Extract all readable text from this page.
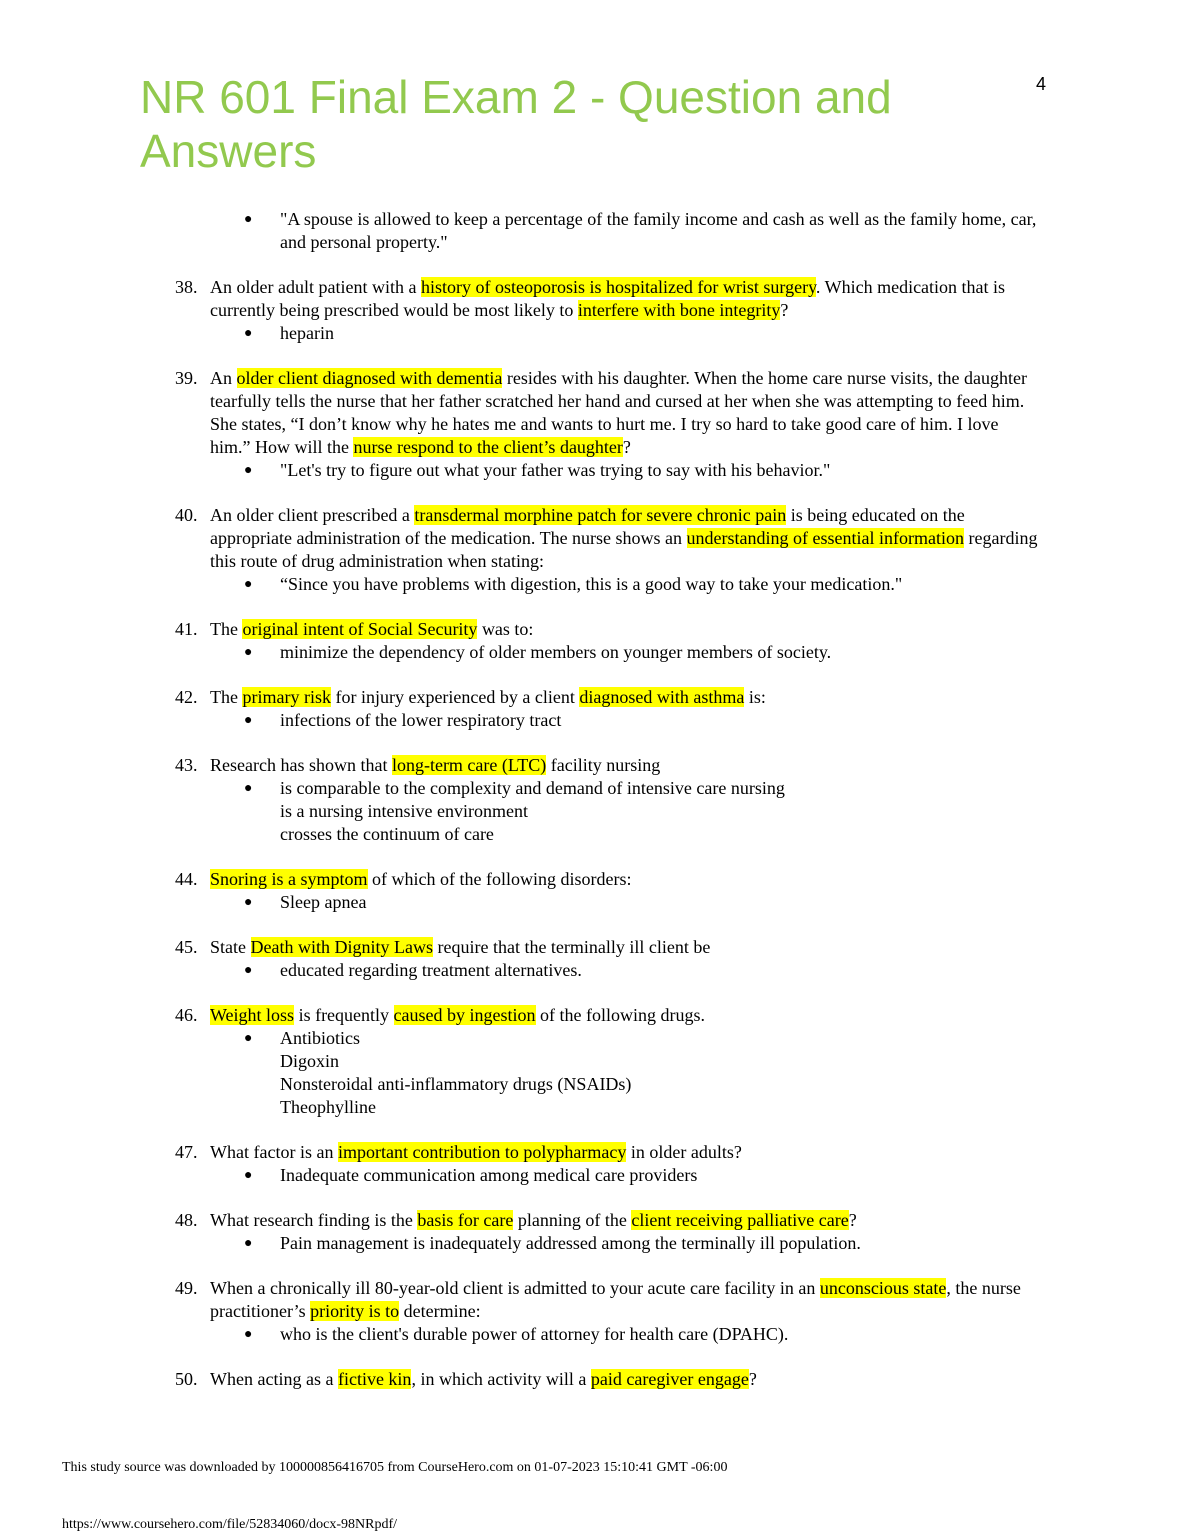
NR 601 Final Exam 2 - Question and Answers
4
● "A spouse is allowed to keep a percentage of the family income and cash as well as the family home, car, and personal property."
38. An older adult patient with a history of osteoporosis is hospitalized for wrist surgery. Which medication that is currently being prescribed would be most likely to interfere with bone integrity?
● heparin
39. An older client diagnosed with dementia resides with his daughter. When the home care nurse visits, the daughter tearfully tells the nurse that her father scratched her hand and cursed at her when she was attempting to feed him. She states, “I don’t know why he hates me and wants to hurt me. I try so hard to take good care of him. I love him.” How will the nurse respond to the client’s daughter?
● "Let's try to figure out what your father was trying to say with his behavior."
40. An older client prescribed a transdermal morphine patch for severe chronic pain is being educated on the appropriate administration of the medication. The nurse shows an understanding of essential information regarding this route of drug administration when stating:
● “Since you have problems with digestion, this is a good way to take your medication."
41. The original intent of Social Security was to:
● minimize the dependency of older members on younger members of society.
42. The primary risk for injury experienced by a client diagnosed with asthma is:
● infections of the lower respiratory tract
43. Research has shown that long-term care (LTC) facility nursing
● is comparable to the complexity and demand of intensive care nursing
is a nursing intensive environment
crosses the continuum of care
44. Snoring is a symptom of which of the following disorders:
● Sleep apnea
45. State Death with Dignity Laws require that the terminally ill client be
● educated regarding treatment alternatives.
46. Weight loss is frequently caused by ingestion of the following drugs.
● Antibiotics
Digoxin
Nonsteroidal anti-inflammatory drugs (NSAIDs)
Theophylline
47. What factor is an important contribution to polypharmacy in older adults?
● Inadequate communication among medical care providers
48. What research finding is the basis for care planning of the client receiving palliative care?
● Pain management is inadequately addressed among the terminally ill population.
49. When a chronically ill 80-year-old client is admitted to your acute care facility in an unconscious state, the nurse practitioner’s priority is to determine:
● who is the client's durable power of attorney for health care (DPAHC).
50. When acting as a fictive kin, in which activity will a paid caregiver engage?
This study source was downloaded by 100000856416705 from CourseHero.com on 01-07-2023 15:10:41 GMT -06:00
https://www.coursehero.com/file/52834060/docx-98NRpdf/
